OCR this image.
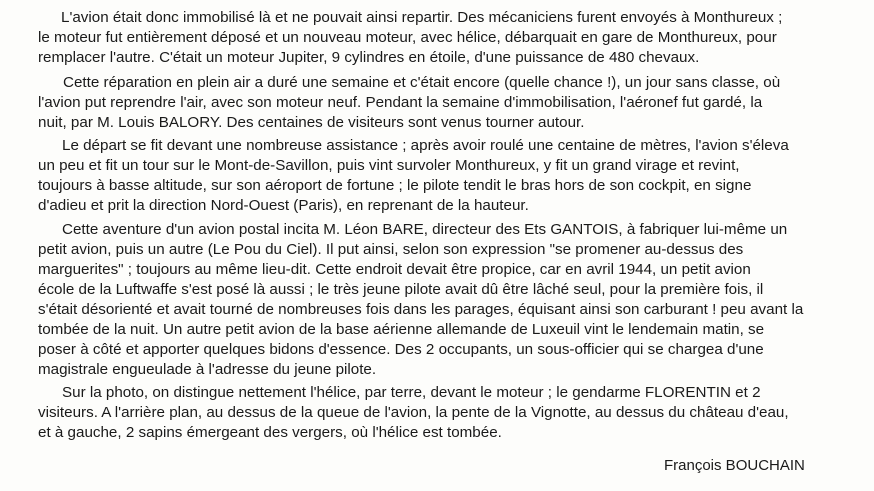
L'avion était donc immobilisé là et ne pouvait ainsi repartir. Des mécaniciens furent envoyés à Monthureux ;
le moteur fut entièrement déposé et un nouveau moteur, avec hélice, débarquait en gare de Monthureux, pour
remplacer l'autre. C'était un moteur Jupiter, 9 cylindres en étoile, d'une puissance de 480 chevaux.
Cette réparation en plein air a duré une semaine et c'était encore (quelle chance !), un jour sans classe, où
l'avion put reprendre l'air, avec son moteur neuf. Pendant la semaine d'immobilisation, l'aéronef fut gardé, la
nuit, par M. Louis BALORY. Des centaines de visiteurs sont venus tourner autour.
Le départ se fit devant une nombreuse assistance ; après avoir roulé une centaine de mètres, l'avion s'éleva
un peu et fit un tour sur le Mont-de-Savillon, puis vint survoler Monthureux, y fit un grand virage et revint,
toujours à basse altitude, sur son aéroport de fortune ; le pilote tendit le bras hors de son cockpit, en signe
d'adieu et prit la direction Nord-Ouest (Paris), en reprenant de la hauteur.
Cette aventure d'un avion postal incita M. Léon BARE, directeur des Ets GANTOIS, à fabriquer lui-même un
petit avion, puis un autre (Le Pou du Ciel). Il put ainsi, selon son expression "se promener au-dessus des
marguerites" ; toujours au même lieu-dit. Cette endroit devait être propice, car en avril 1944, un petit avion
école de la Luftwaffe s'est posé là aussi ; le très jeune pilote avait dû être lâché seul, pour la première fois, il
s'était désorienté et avait tourné de nombreuses fois dans les parages, équisant ainsi son carburant ! peu avant la
tombée de la nuit. Un autre petit avion de la base aérienne allemande de Luxeuil vint le lendemain matin, se
poser à côté et apporter quelques bidons d'essence. Des 2 occupants, un sous-officier qui se chargea d'une
magistrale engueulade à l'adresse du jeune pilote.
Sur la photo, on distingue nettement l'hélice, par terre, devant le moteur ; le gendarme FLORENTIN et 2
visiteurs. A l'arrière plan, au dessus de la queue de l'avion, la pente de la Vignotte, au dessus du château d'eau,
et à gauche, 2 sapins émergeant des vergers, où l'hélice est tombée.
François BOUCHAIN
